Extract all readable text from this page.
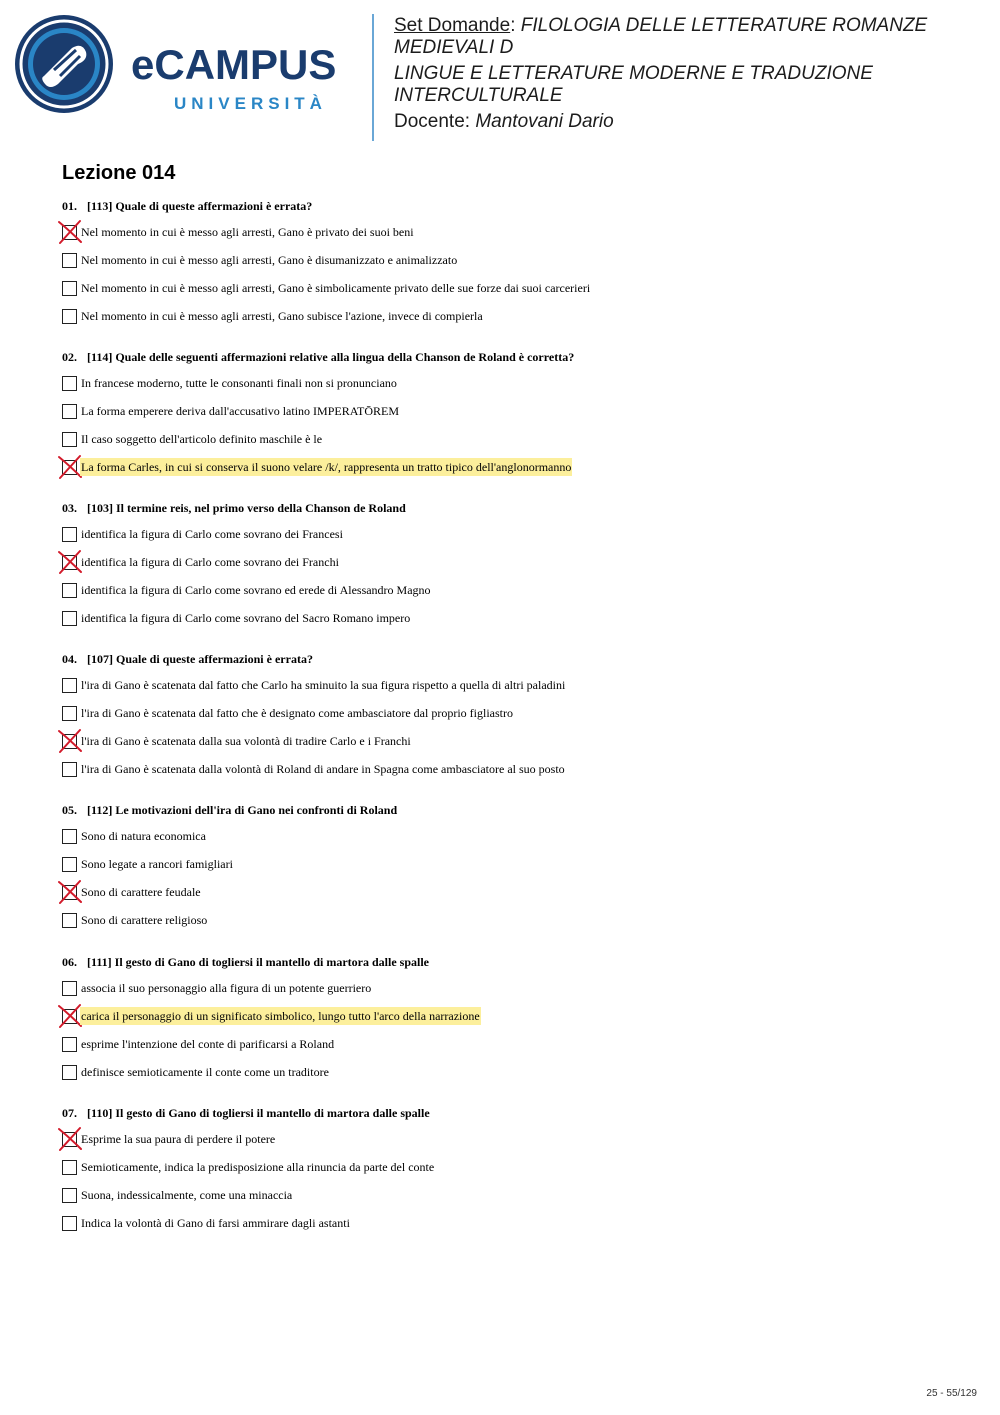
eCAMPUS
UNIVERSITÀ
Set Domande: FILOLOGIA DELLE LETTERATURE ROMANZE MEDIEVALI D
LINGUE E LETTERATURE MODERNE E TRADUZIONE INTERCULTURALE
Docente: Mantovani Dario
Lezione 014
01. [113] Quale di queste affermazioni è errata?
Nel momento in cui è messo agli arresti, Gano è privato dei suoi beni
Nel momento in cui è messo agli arresti, Gano è disumanizzato e animalizzato
Nel momento in cui è messo agli arresti, Gano è simbolicamente privato delle sue forze dai suoi carcerieri
Nel momento in cui è messo agli arresti, Gano subisce l'azione, invece di compierla
02. [114] Quale delle seguenti affermazioni relative alla lingua della Chanson de Roland è corretta?
In francese moderno, tutte le consonanti finali non si pronunciano
La forma emperere deriva dall'accusativo latino IMPERATŌREM
Il caso soggetto dell'articolo definito maschile è le
La forma Carles, in cui si conserva il suono velare /k/, rappresenta un tratto tipico dell'anglonormanno
03. [103] Il termine reis, nel primo verso della Chanson de Roland
identifica la figura di Carlo come sovrano dei Francesi
identifica la figura di Carlo come sovrano dei Franchi
identifica la figura di Carlo come sovrano ed erede di Alessandro Magno
identifica la figura di Carlo come sovrano del Sacro Romano impero
04. [107] Quale di queste affermazioni è errata?
l'ira di Gano è scatenata dal fatto che Carlo ha sminuito la sua figura rispetto a quella di altri paladini
l'ira di Gano è scatenata dal fatto che è designato come ambasciatore dal proprio figliastro
l'ira di Gano è scatenata dalla sua volontà di tradire Carlo e i Franchi
l'ira di Gano è scatenata dalla volontà di Roland di andare in Spagna come ambasciatore al suo posto
05. [112] Le motivazioni dell'ira di Gano nei confronti di Roland
Sono di natura economica
Sono legate a rancori famigliari
Sono di carattere feudale
Sono di carattere religioso
06. [111] Il gesto di Gano di togliersi il mantello di martora dalle spalle
associa il suo personaggio alla figura di un potente guerriero
carica il personaggio di un significato simbolico, lungo tutto l'arco della narrazione
esprime l'intenzione del conte di parificarsi a Roland
definisce semioticamente il conte come un traditore
07. [110] Il gesto di Gano di togliersi il mantello di martora dalle spalle
Esprime la sua paura di perdere il potere
Semioticamente, indica la predisposizione alla rinuncia da parte del conte
Suona, indessicalmente, come una minaccia
Indica la volontà di Gano di farsi ammirare dagli astanti
25 - 55/129
